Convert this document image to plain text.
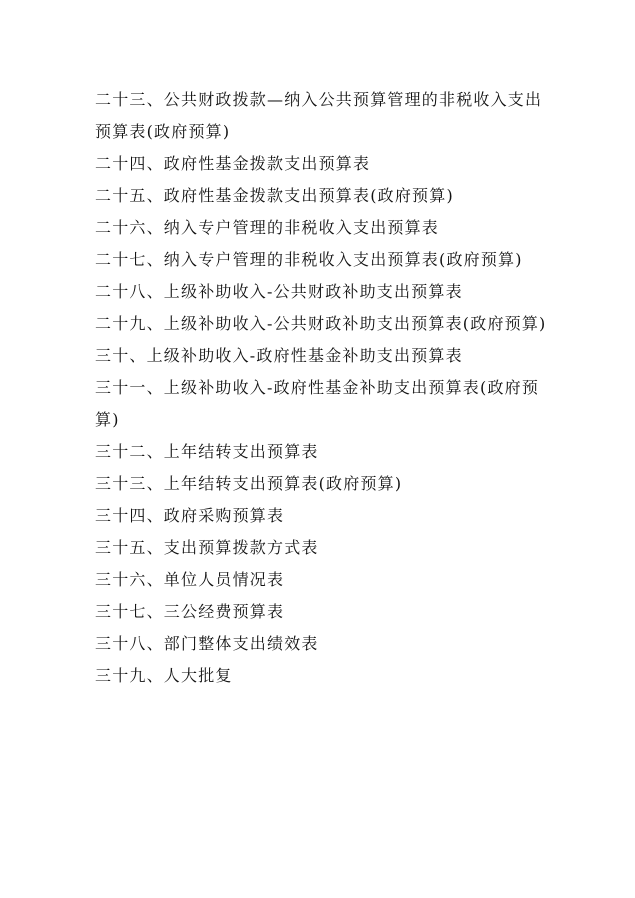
二十三、公共财政拨款—纳入公共预算管理的非税收入支出预算表(政府预算)
二十四、政府性基金拨款支出预算表
二十五、政府性基金拨款支出预算表(政府预算)
二十六、纳入专户管理的非税收入支出预算表
二十七、纳入专户管理的非税收入支出预算表(政府预算)
二十八、上级补助收入-公共财政补助支出预算表
二十九、上级补助收入-公共财政补助支出预算表(政府预算)
三十、上级补助收入-政府性基金补助支出预算表
三十一、上级补助收入-政府性基金补助支出预算表(政府预算)
三十二、上年结转支出预算表
三十三、上年结转支出预算表(政府预算)
三十四、政府采购预算表
三十五、支出预算拨款方式表
三十六、单位人员情况表
三十七、三公经费预算表
三十八、部门整体支出绩效表
三十九、人大批复
